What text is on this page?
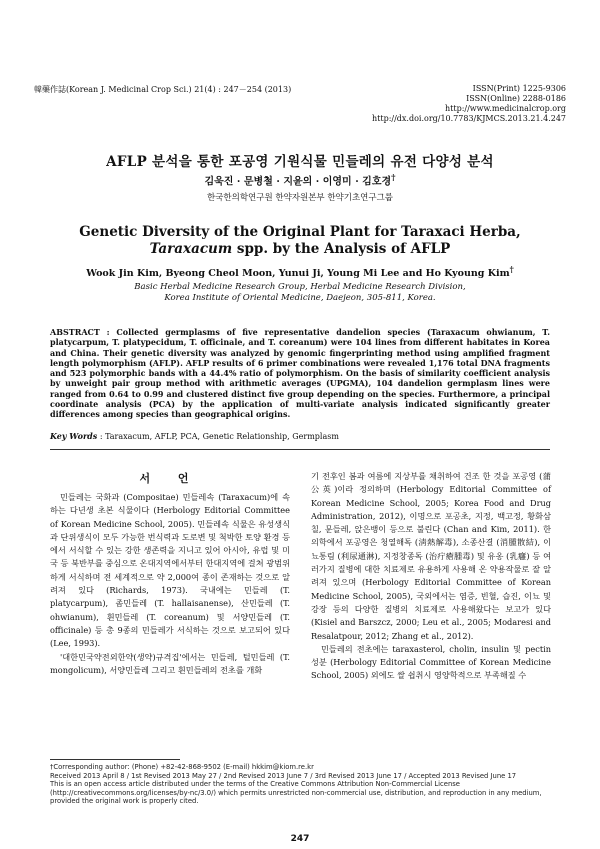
韓藥作誌(Korean J. Medicinal Crop Sci.) 21(4) : 247－254 (2013)	ISSN(Print) 1225-9306
ISSN(Online) 2288-0186
http://www.medicinalcrop.org
http://dx.doi.org/10.7783/KJMCS.2013.21.4.247
AFLP 분석을 통한 포공영 기원식물 민들레의 유전 다양성 분석
김욱진 · 문병철 · 지윤의 · 이영미 · 김호경†
한국한의학연구원 한약자원본부 한약기초연구그룹
Genetic Diversity of the Original Plant for Taraxaci Herba,
Taraxacum spp. by the Analysis of AFLP
Wook Jin Kim, Byeong Cheol Moon, Yunui Ji, Young Mi Lee and Ho Kyoung Kim†
Basic Herbal Medicine Research Group, Herbal Medicine Research Division,
Korea Institute of Oriental Medicine, Daejeon, 305-811, Korea.
ABSTRACT : Collected germplasms of five representative dandelion species (Taraxacum ohwianum, T. platycarpum, T. platypecidum, T. officinale, and T. coreanum) were 104 lines from different habitates in Korea and China. Their genetic diversity was analyzed by genomic fingerprinting method using amplified fragment length polymorphism (AFLP). AFLP results of 6 primer combinations were revealed 1,176 total DNA fragments and 523 polymorphic bands with a 44.4% ratio of polymorphism. On the basis of similarity coefficient analysis by unweight pair group method with arithmetic averages (UPGMA), 104 dandelion germplasm lines were ranged from 0.64 to 0.99 and clustered distinct five group depending on the species. Furthermore, a principal coordinate analysis (PCA) by the application of multi-variate analysis indicated significantly greater differences among species than geographical origins.
Key Words : Taraxacum, AFLP, PCA, Genetic Relationship, Germplasm
서 언

민들레는 국화과 (Compositae) 민들레속 (Taraxacum)에 속하는 다년생 초본 식물이다 (Herbology Editorial Committee of Korean Medicine School, 2005). 민들레속 식물은 유성생식과 단위생식이 모두 가능한 번식력과 도로변 및 척박한 토양 환경 등에서 서식할 수 있는 강한 생존력을 지니고 있어 아시아, 유럽 및 미국 등 북반부를 중심으로 온대지역에서부터 한대지역에 걸쳐 광범위하게 서식하며 전 세계적으로 약 2,000여 종이 존재하는 것으로 알려져 있다 (Richards, 1973). 국내에는 민들레 (T. platycarpum), 좀민들레 (T. hallaisanense), 산민들레 (T. ohwianum), 흰민들레 (T. coreanum) 및 서양민들레 (T. officinale) 등 총 9종의 민들레가 서식하는 것으로 보고되어 있다 (Lee, 1993).

'대한민국약전외한약(생약)규격집'에서는 민들레, 털민들레 (T. mongolicum), 서양민들레 그리고 흰민들레의 전초를 개화

기 전후인 봄과 여름에 지상부를 채취하여 건조 한 것을 포공영 (蒲公英)이라 정의하며 (Herbology Editorial Committee of Korean Medicine School, 2005; Korea Food and Drug Administration, 2012), 이명으로 포공초, 지정, 백고정, 황화삼칠, 문들레, 앉은뱅이 등으로 불린다 (Chan and Kim, 2011). 한의학에서 포공영은 청열해독 (淸熱解毒), 소종산결 (消腫散結), 이뇨통림 (利尿通淋), 지정창종독 (治疔瘡腫毒) 및 유옹 (乳癰) 등 여러가지 질병에 대한 치료제로 유용하게 사용해 온 약용작물로 잘 알려져 있으며 (Herbology Editorial Committee of Korean Medicine School, 2005), 국외에서는 염증, 빈혈, 습진, 이뇨 및 강장 등의 다양한 질병의 치료제로 사용해왔다는 보고가 있다 (Kisiel and Barszcz, 2000; Leu et al., 2005; Modaresi and Resalatpour, 2012; Zhang et al., 2012).

민들레의 전초에는 taraxasterol, cholin, insulin 및 pectin 성분 (Herbology Editorial Committee of Korean Medicine School, 2005) 외에도 쌀 쉽취시 영양학적으로 부족해질 수

†Corresponding author: (Phone) +82-42-868-9502 (E-mail) hkkim@kiom.re.kr
Received 2013 April 8 / 1st Revised 2013 May 27 / 2nd Revised 2013 June 7 / 3rd Revised 2013 June 17 / Accepted 2013 Revised June 17
This is an open access article distributed under the terms of the Creative Commons Attribution Non-Commercial License (http://creativecommons.org/licenses/by-nc/3.0/) which permits unrestricted non-commercial use, distribution, and reproduction in any medium, provided the original work is properly cited.
247
